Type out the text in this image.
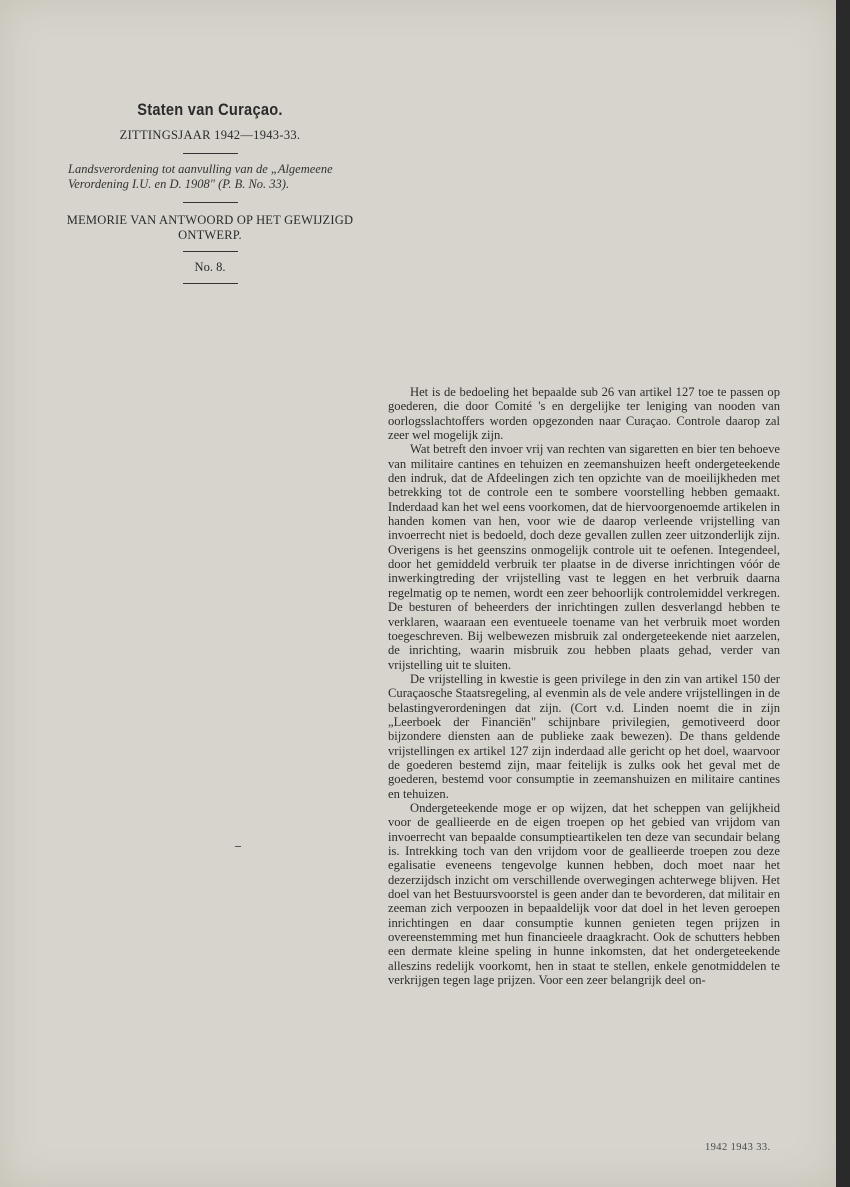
Staten van Curaçao.
ZITTINGSJAAR 1942—1943-33.
Landsverordening tot aanvulling van de „Algemeene Verordening I.U. en D. 1908" (P. B. No. 33).
MEMORIE VAN ANTWOORD OP HET GEWIJZIGD ONTWERP.
No. 8.

Het is de bedoeling het bepaalde sub 26 van artikel 127 toe te passen op goederen, die door Comité 's en dergelijke ter leniging van nooden van oorlogsslachtoffers worden opgezonden naar Curaçao. Controle daarop zal zeer wel mogelijk zijn.

Wat betreft den invoer vrij van rechten van sigaretten en bier ten behoeve van militaire cantines en tehuizen en zeemanshuizen heeft ondergeteekende den indruk, dat de Afdeelingen zich ten opzichte van de moeilijkheden met betrekking tot de controle een te sombere voorstelling hebben gemaakt. Inderdaad kan het wel eens voorkomen, dat de hiervoorgenoemde artikelen in handen komen van hen, voor wie de daarop verleende vrijstelling van invoerrecht niet is bedoeld, doch deze gevallen zullen zeer uitzonderlijk zijn. Overigens is het geenszins onmogelijk controle uit te oefenen. Integendeel, door het gemiddeld verbruik ter plaatse in de diverse inrichtingen vóór de inwerkingtreding der vrijstelling vast te leggen en het verbruik daarna regelmatig op te nemen, wordt een zeer behoorlijk controlemiddel verkregen. De besturen of beheerders der inrichtingen zullen desverlangd hebben te verklaren, waaraan een eventueele toename van het verbruik moet worden toegeschreven. Bij welbewezen misbruik zal ondergeteekende niet aarzelen, de inrichting, waarin misbruik zou hebben plaats gehad, verder van vrijstelling uit te sluiten.

De vrijstelling in kwestie is geen privilege in den zin van artikel 150 der Curaçaosche Staatsregeling, al evenmin als de vele andere vrijstellingen in de belastingverordeningen dat zijn. (Cort v.d. Linden noemt die in zijn „Leerboek der Financiën" schijnbare privilegien, gemotiveerd door bijzondere diensten aan de publieke zaak bewezen). De thans geldende vrijstellingen ex artikel 127 zijn inderdaad alle gericht op het doel, waarvoor de goederen bestemd zijn, maar feitelijk is zulks ook het geval met de goederen, bestemd voor consumptie in zeemanshuizen en militaire cantines en tehuizen.

Ondergeteekende moge er op wijzen, dat het scheppen van gelijkheid voor de geallieerde en de eigen troepen op het gebied van vrijdom van invoerrecht van bepaalde consumptieartikelen ten deze van secundair belang is. Intrekking toch van den vrijdom voor de geallieerde troepen zou deze egalisatie eveneens tengevolge kunnen hebben, doch moet naar het dezerzijdsch inzicht om verschillende overwegingen achterwege blijven. Het doel van het Bestuursvoorstel is geen ander dan te bevorderen, dat militair en zeeman zich verpoozen in bepaaldelijk voor dat doel in het leven geroepen inrichtingen en daar consumptie kunnen genieten tegen prijzen in overeenstemming met hun financieele draagkracht. Ook de schutters hebben een dermate kleine speling in hunne inkomsten, dat het ondergeteekende alleszins redelijk voorkomt, hen in staat te stellen, enkele genotmiddelen te verkrijgen tegen lage prijzen. Voor een zeer belangrijk deel on-

1942 1943 33.
